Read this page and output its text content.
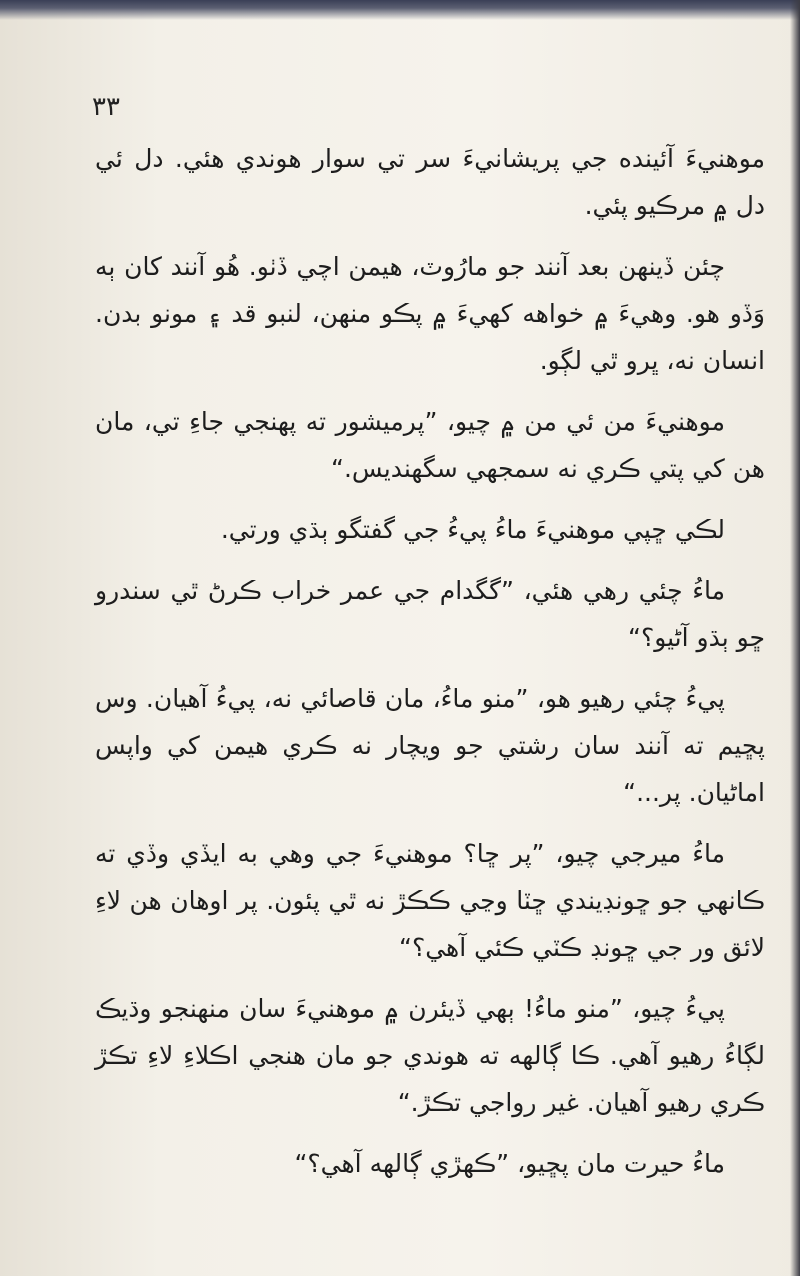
٣٣

موهنيءَ آئينده جي پريشانيءَ سر تي سوار هوندي هئي. دل ئي دل ۾ مرڪيو پئي.

چئن ڏينهن بعد آنند جو مارُوٽ، هيمن اچي ڏٺو. هُو آنند کان ٻه وَڏو هو. وهيءَ ۾ خواهه کهيءَ ۾ پڪو منهن، لنبو قد ۽ مونو بدن. انسان نه، ڀرو ٿي لڳو.

موهنيءَ من ئي من ۾ چيو، ”پرميشور ته پهنجي جاءِ تي، مان هن کي پتي ڪري نه سمجهي سگهنديس.“

لڪي ڇپي موهنيءَ ماءُ پيءُ جي گفتگو ٻڌي ورتي.

ماءُ چئي رهي هئي، ”گگدام جي عمر خراب ڪرڻ ٿي سندرو ڇو ٻڌو آڻيو؟“

پيءُ چئي رهيو هو، ”منو ماءُ، مان قاصائي نه، پيءُ آهيان. وس پڇيم ته آنند سان رشتي جو ويچار نه ڪري هيمن کي واپس اماڻيان. پر...“

ماءُ ميرجي چيو، ”پر ڇا؟ موهنيءَ جي وهي به ايڏي وڏي ته ڪانهي جو ڇونڊيندي ڇٽا وڃي ڪڪڙ نه ٿي پئون. پر اوهان هن لاءِ لائق ور جي ڇونڊ ڪٽي ڪئي آهي؟“

پيءُ چيو، ”منو ماءُ! ٻهي ڏيئرن ۾ موهنيءَ سان منهنجو وڌيڪ لڳاءُ رهيو آهي. ڪا ڳالهه ته هوندي جو مان هنجي اڪلاءِ لاءِ تڪڙ ڪري رهيو آهيان. غير رواجي تڪڙ.“

ماءُ حيرت مان پڇيو، ”ڪهڙي ڳالهه آهي؟“
